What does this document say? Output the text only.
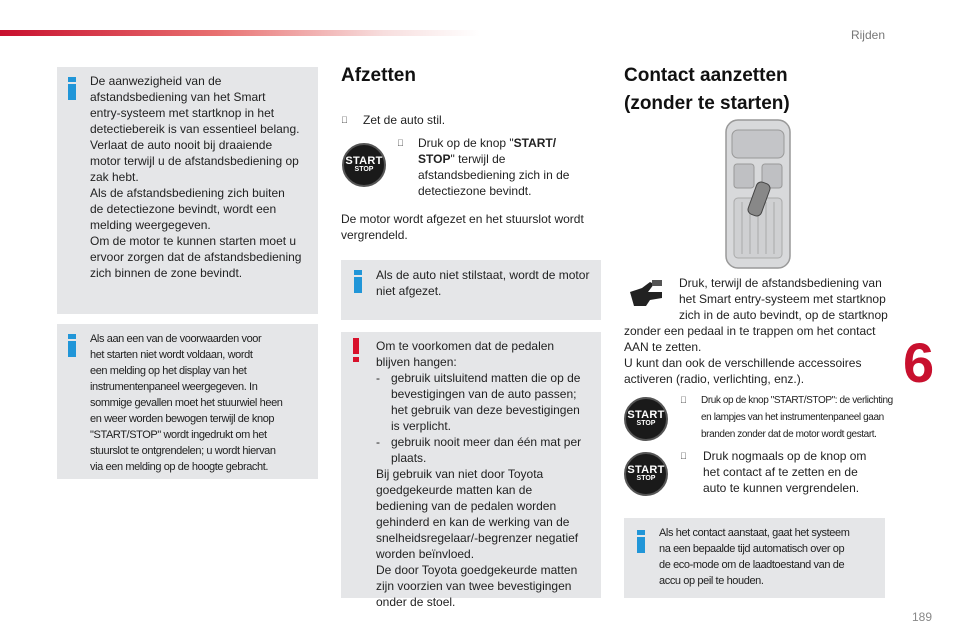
Rijden
6
189
De aanwezigheid van de
afstandsbediening van het Smart
entry-systeem met startknop in het
detectiebereik is van essentieel belang.
Verlaat de auto nooit bij draaiende
motor terwijl u de afstandsbediening op
zak hebt.
Als de afstandsbediening zich buiten
de detectiezone bevindt, wordt een
melding weergegeven.
Om de motor te kunnen starten moet u
ervoor zorgen dat de afstandsbediening
zich binnen de zone bevindt.
Als aan een van de voorwaarden voor
het starten niet wordt voldaan, wordt
een melding op het display van het
instrumentenpaneel weergegeven. In
sommige gevallen moet het stuurwiel heen
en weer worden bewogen terwijl de knop
"START/STOP" wordt ingedrukt om het
stuurslot te ontgrendelen; u wordt hiervan
via een melding op de hoogte gebracht.
Afzetten
Zet de auto stil.
START
STOP
Druk op de knop "START/
STOP" terwijl de
afstandsbediening zich in de
detectiezone bevindt.
De motor wordt afgezet en het stuurslot wordt
vergrendeld.
Als de auto niet stilstaat, wordt de motor
niet afgezet.
Om te voorkomen dat de pedalen
blijven hangen:
- gebruik uitsluitend matten die op de
bevestigingen van de auto passen;
het gebruik van deze bevestigingen
is verplicht.
- gebruik nooit meer dan één mat per
plaats.
Bij gebruik van niet door Toyota
goedgekeurde matten kan de
bediening van de pedalen worden
gehinderd en kan de werking van de
snelheidsregelaar/-begrenzer negatief
worden beïnvloed.
De door Toyota goedgekeurde matten
zijn voorzien van twee bevestigingen
onder de stoel.
Contact aanzetten
(zonder te starten)
Druk, terwijl de afstandsbediening van
het Smart entry-systeem met startknop
zich in de auto bevindt, op de startknop
zonder een pedaal in te trappen om het contact
AAN te zetten.
U kunt dan ook de verschillende accessoires
activeren (radio, verlichting, enz.).
START
STOP
Druk op de knop "START/STOP": de verlichting
en lampjes van het instrumentenpaneel gaan
branden zonder dat de motor wordt gestart.
START
STOP
Druk nogmaals op de knop om
het contact af te zetten en de
auto te kunnen vergrendelen.
Als het contact aanstaat, gaat het systeem
na een bepaalde tijd automatisch over op
de eco-mode om de laadtoestand van de
accu op peil te houden.
